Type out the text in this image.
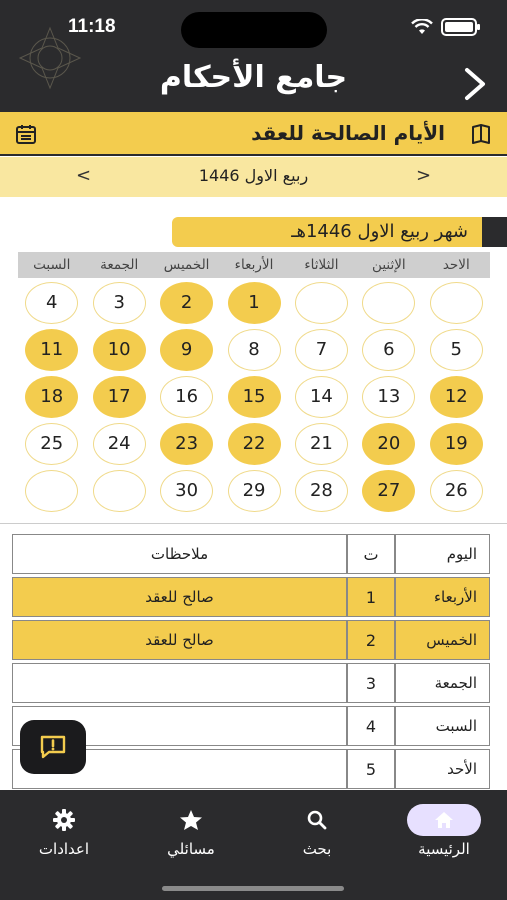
11:18
جامع الأحكام
الأيام الصالحة للعقد
<	ربيع الاول 1446	>
شهر ربيع الاول 1446هـ
الاحد
الإثنين
الثلاثاء
الأربعاء
الخميس
الجمعة
السبت
1
2
3
4
5
6
7
8
9
10
11
12
13
14
15
16
17
18
19
20
21
22
23
24
25
26
27
28
29
30
اليوم
ت
ملاحظات
الأربعاء
1
صالح للعقد
الخميس
2
صالح للعقد
الجمعة
3
السبت
4
الأحد
5
الرئيسية
بحث
مسائلي
اعدادات
